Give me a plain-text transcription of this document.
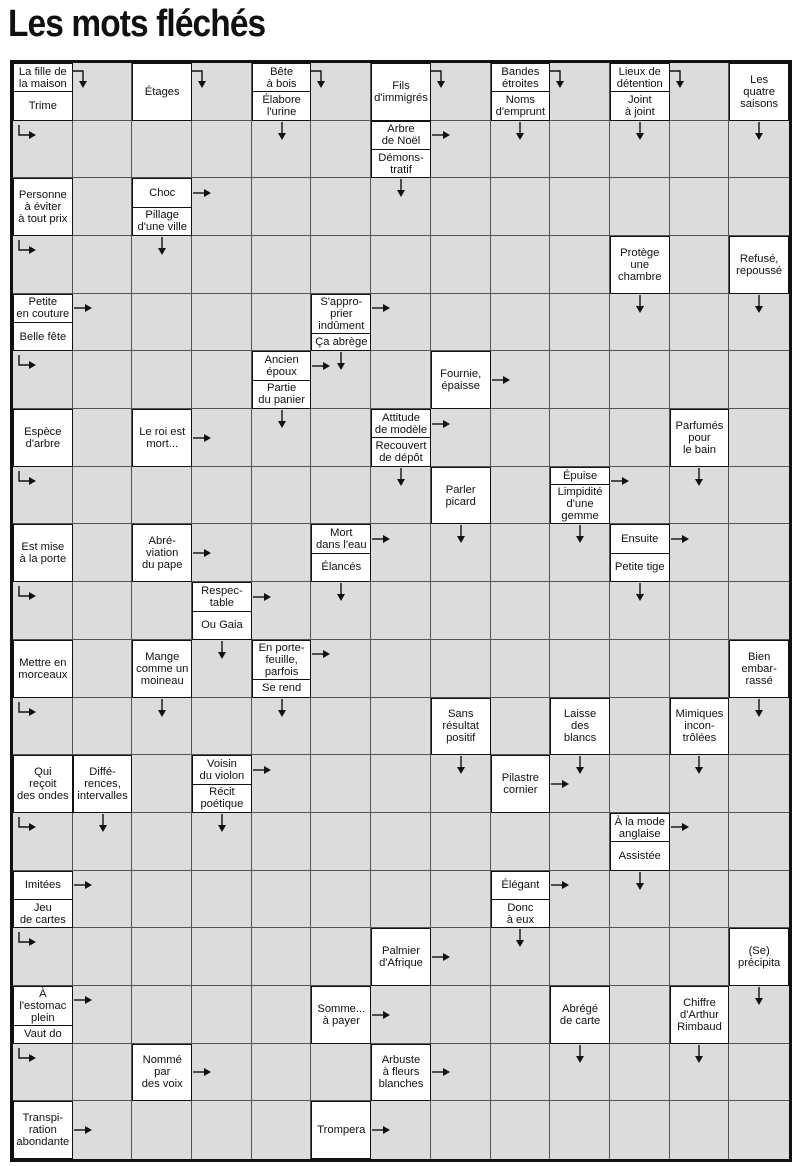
Les mots fléchés
La fille de
la maison
Trime
Étages
Bête
à bois
Élabore
l'urine
Fils
d'immigrés
Bandes
étroites
Noms
d'emprunt
Lieux de
détention
Joint
à joint
Les
quatre
saisons
Arbre
de Noël
Démons-
tratif
Personne
à éviter
à tout prix
Choc
Pillage
d'une ville
Protège
une
chambre
Refusé,
repoussé
Petite
en couture
Belle fête
S'appro-
prier
indûment
Ça abrège
Ancien
époux
Partie
du panier
Fournie,
épaisse
Espèce
d'arbre
Le roi est
mort...
Attitude
de modèle
Recouvert
de dépôt
Parfumés
pour
le bain
Parler
picard
Épuise
Limpidité
d'une
gemme
Est mise
à la porte
Abré-
viation
du pape
Mort
dans l'eau
Élancés
Ensuite
Petite tige
Respec-
table
Ou Gaia
Mettre en
morceaux
Mange
comme un
moineau
En porte-
feuille,
parfois
Se rend
Bien
embar-
rassé
Sans
résultat
positif
Laisse
des
blancs
Mimiques
incon-
trôlées
Qui
reçoit
des ondes
Diffé-
rences,
intervalles
Voisin
du violon
Récit
poétique
Pilastre
cornier
À la mode
anglaise
Assistée
Imitées
Jeu
de cartes
Élégant
Donc
à eux
Palmier
d'Afrique
(Se)
précipita
À
l'estomac
plein
Vaut do
Somme...
à payer
Abrégé
de carte
Chiffre
d'Arthur
Rimbaud
Nommé
par
des voix
Arbuste
à fleurs
blanches
Transpi-
ration
abondante
Trompera
